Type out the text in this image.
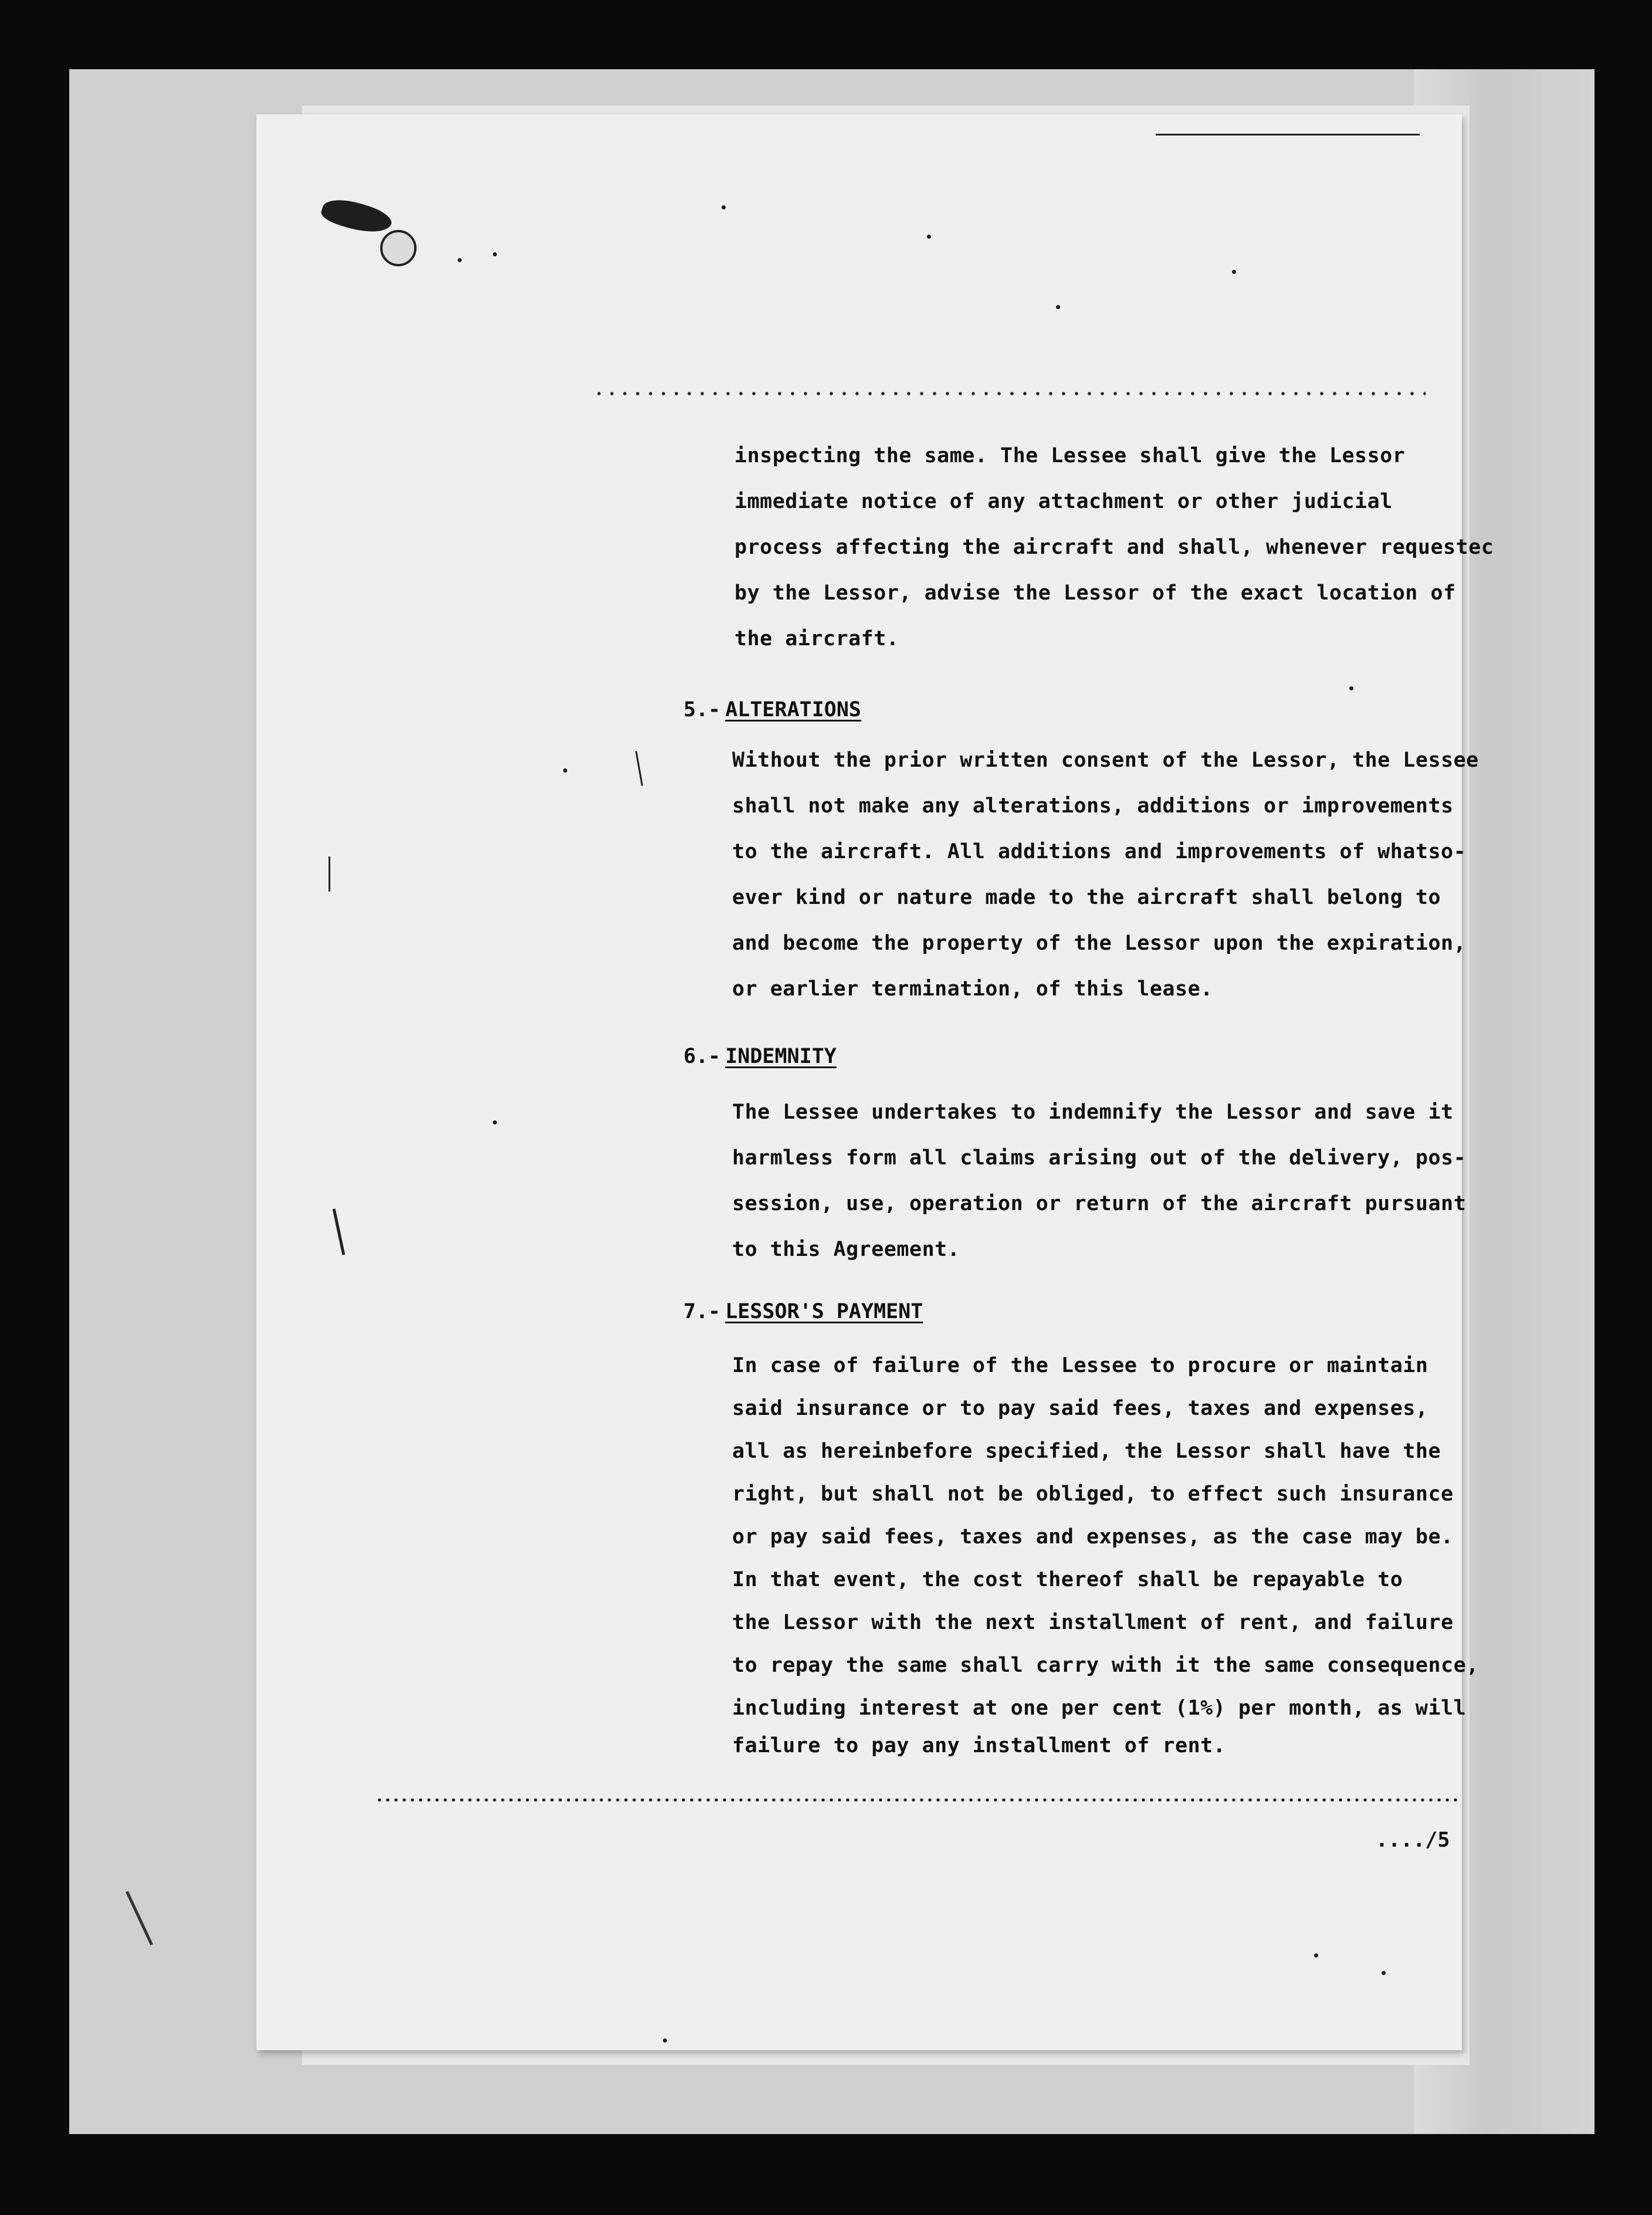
inspecting the same. The Lessee shall give the Lessor
immediate notice of any attachment or other judicial
process affecting the aircraft and shall, whenever requestec
by the Lessor, advise the Lessor of the exact location of
the aircraft.
5.- ALTERATIONS
Without the prior written consent of the Lessor, the Lessee
shall not make any alterations, additions or improvements
to the aircraft. All additions and improvements of whatso-
ever kind or nature made to the aircraft shall belong to
and become the property of the Lessor upon the expiration,
or earlier termination, of this lease.
6.- INDEMNITY
The Lessee undertakes to indemnify the Lessor and save it
harmless form all claims arising out of the delivery, pos-
session, use, operation or return of the aircraft pursuant
to this Agreement.
7.- LESSOR'S PAYMENT
In case of failure of the Lessee to procure or maintain
said insurance or to pay said fees, taxes and expenses,
all as hereinbefore specified, the Lessor shall have the
right, but shall not be obliged, to effect such insurance
or pay said fees, taxes and expenses, as the case may be.
In that event, the cost thereof shall be repayable to
the Lessor with the next installment of rent, and failure
to repay the same shall carry with it the same consequence,
including interest at one per cent (1%) per month, as will
failure to pay any installment of rent.
..../5
